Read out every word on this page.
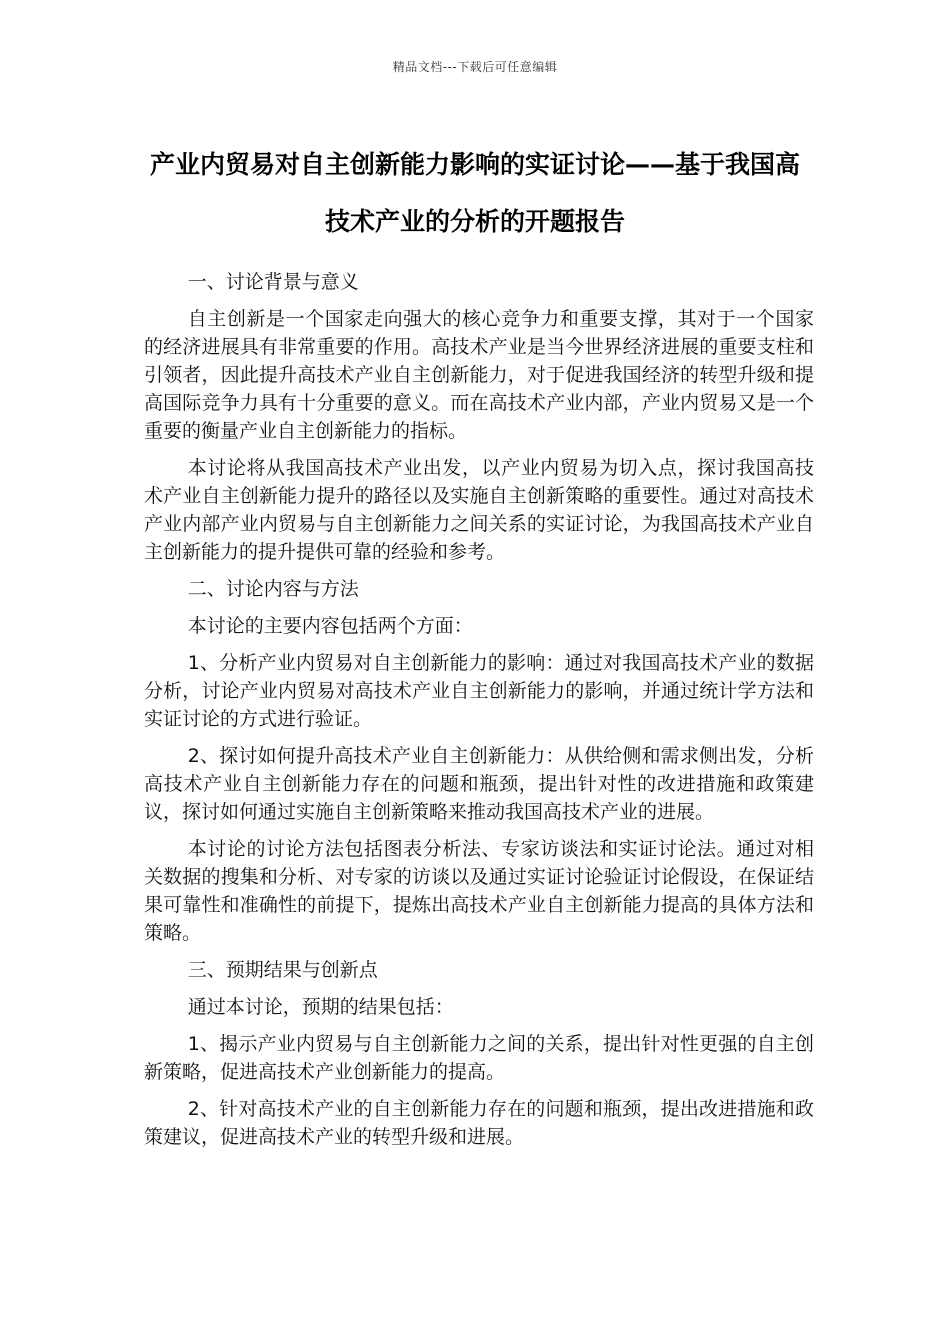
精品文档---下载后可任意编辑
产业内贸易对自主创新能力影响的实证讨论——基于我国高技术产业的分析的开题报告

一、讨论背景与意义

自主创新是一个国家走向强大的核心竞争力和重要支撑，其对于一个国家的经济进展具有非常重要的作用。高技术产业是当今世界经济进展的重要支柱和引领者，因此提升高技术产业自主创新能力，对于促进我国经济的转型升级和提高国际竞争力具有十分重要的意义。而在高技术产业内部，产业内贸易又是一个重要的衡量产业自主创新能力的指标。

本讨论将从我国高技术产业出发，以产业内贸易为切入点，探讨我国高技术产业自主创新能力提升的路径以及实施自主创新策略的重要性。通过对高技术产业内部产业内贸易与自主创新能力之间关系的实证讨论，为我国高技术产业自主创新能力的提升提供可靠的经验和参考。

二、讨论内容与方法

本讨论的主要内容包括两个方面：

1、分析产业内贸易对自主创新能力的影响：通过对我国高技术产业的数据分析，讨论产业内贸易对高技术产业自主创新能力的影响，并通过统计学方法和实证讨论的方式进行验证。

2、探讨如何提升高技术产业自主创新能力：从供给侧和需求侧出发，分析高技术产业自主创新能力存在的问题和瓶颈，提出针对性的改进措施和政策建议，探讨如何通过实施自主创新策略来推动我国高技术产业的进展。

本讨论的讨论方法包括图表分析法、专家访谈法和实证讨论法。通过对相关数据的搜集和分析、对专家的访谈以及通过实证讨论验证讨论假设，在保证结果可靠性和准确性的前提下，提炼出高技术产业自主创新能力提高的具体方法和策略。

三、预期结果与创新点

通过本讨论，预期的结果包括：

1、揭示产业内贸易与自主创新能力之间的关系，提出针对性更强的自主创新策略，促进高技术产业创新能力的提高。

2、针对高技术产业的自主创新能力存在的问题和瓶颈，提出改进措施和政策建议，促进高技术产业的转型升级和进展。
